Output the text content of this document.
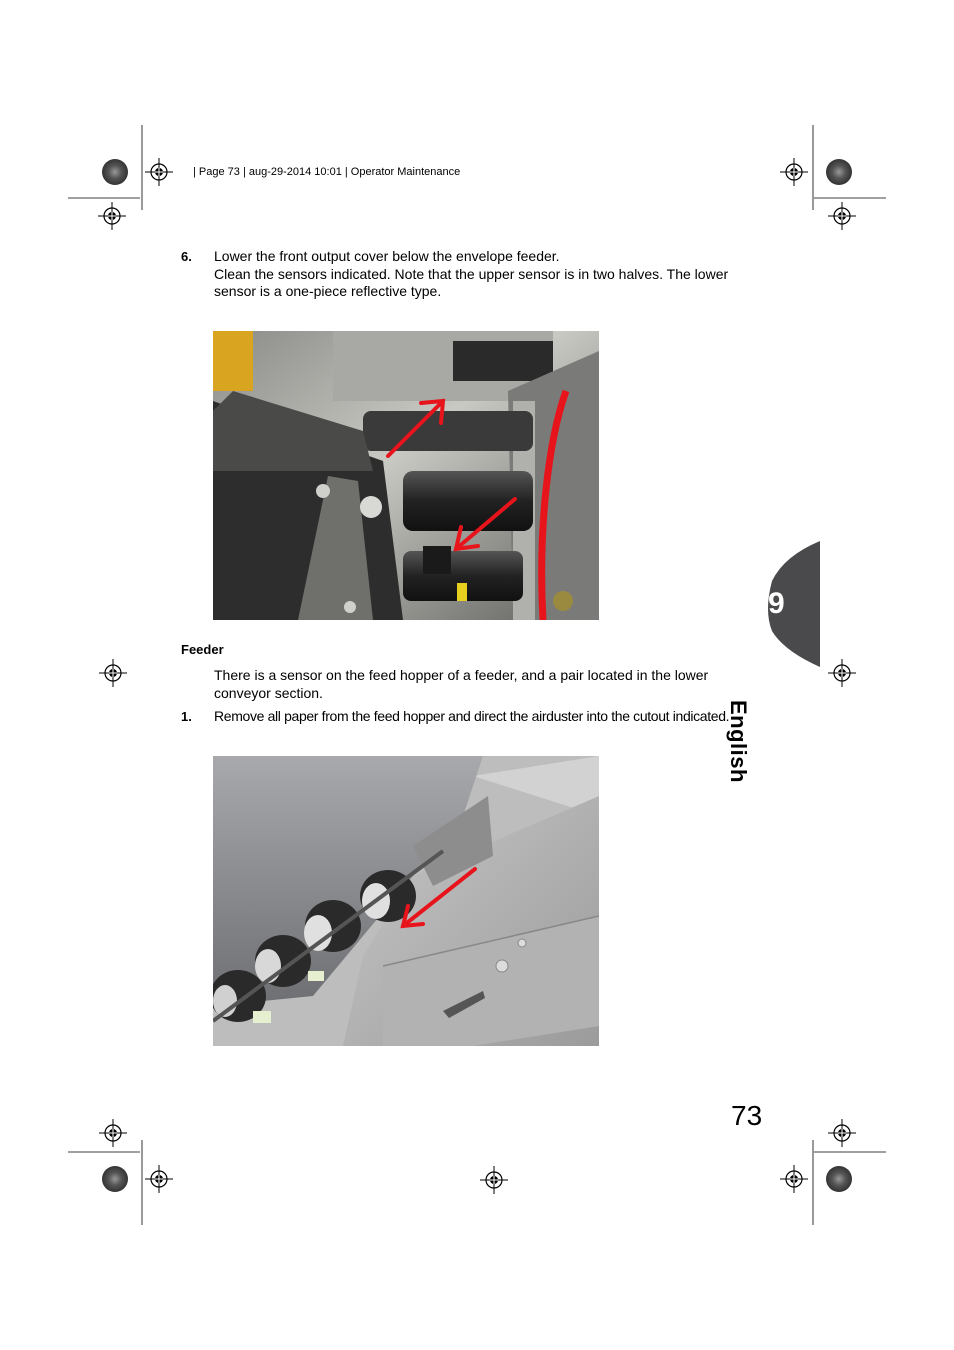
| Page 73 | aug-29-2014 10:01 | Operator Maintenance
6. Lower the front output cover below the envelope feeder.
Clean the sensors indicated. Note that the upper sensor is in two halves. The lower
sensor is a one-piece reflective type.
Feeder
There is a sensor on the feed hopper of a feeder, and a pair located in the lower
conveyor section.
1. Remove all paper from the feed hopper and direct the airduster into the cutout indicated.
9
English
73
